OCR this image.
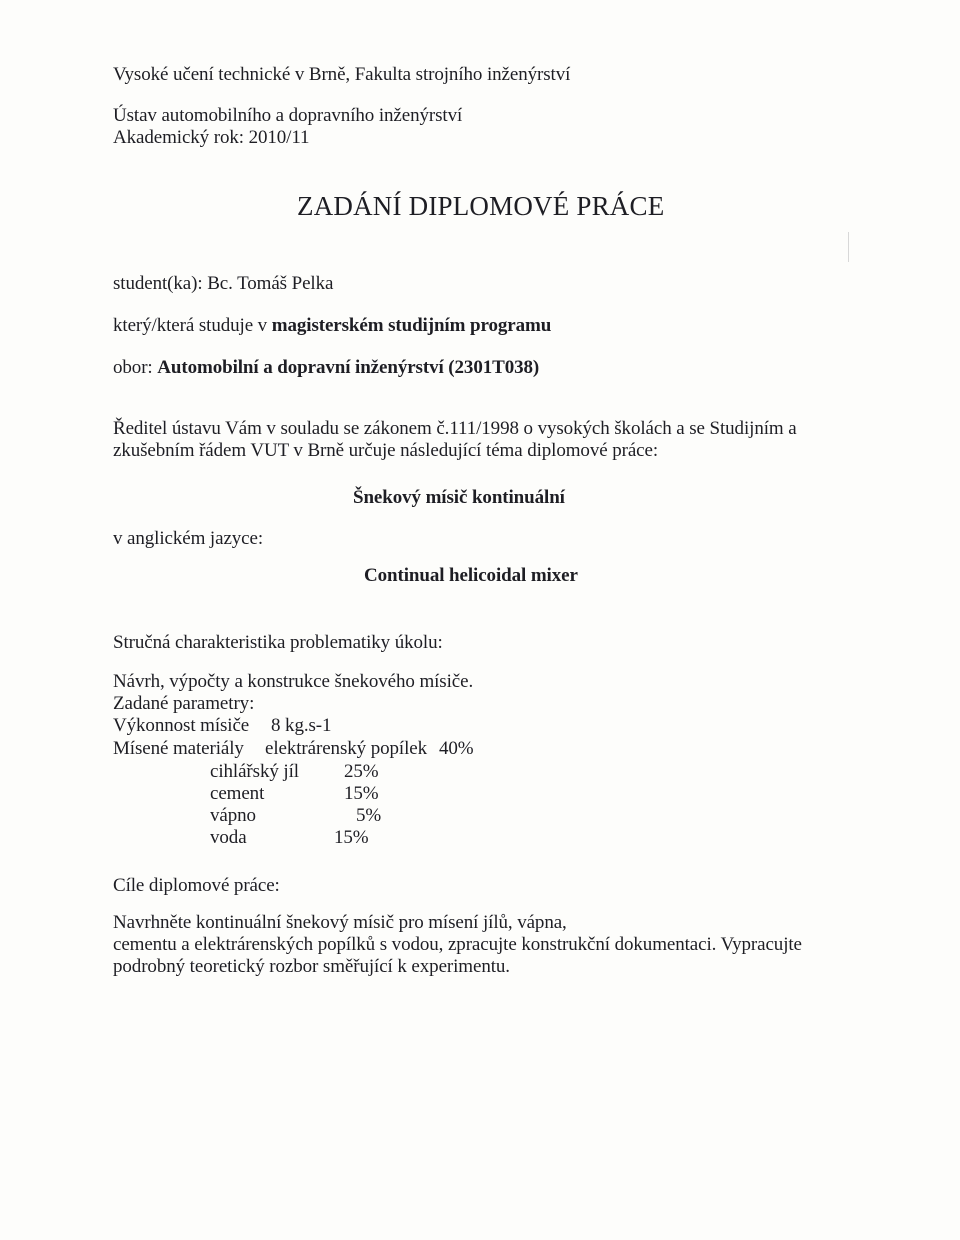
Vysoké učení technické v Brně, Fakulta strojního inženýrství
Ústav automobilního a dopravního inženýrství
Akademický rok: 2010/11
ZADÁNÍ DIPLOMOVÉ PRÁCE
student(ka): Bc. Tomáš Pelka
který/která studuje v magisterském studijním programu
obor: Automobilní a dopravní inženýrství (2301T038)
Ředitel ústavu Vám v souladu se zákonem č.111/1998 o vysokých školách a se Studijním a
zkušebním řádem VUT v Brně určuje následující téma diplomové práce:
Šnekový mísič kontinuální
v anglickém jazyce:
Continual helicoidal mixer
Stručná charakteristika problematiky úkolu:
Návrh, výpočty a konstrukce šnekového mísiče.
Zadané parametry:
Výkonnost mísiče 8 kg.s-1
Mísené materiály elektrárenský popílek 40%
cihlářský jíl 25%
cement	15%
vápno	5%
voda	15%
Cíle diplomové práce:
Navrhněte kontinuální šnekový mísič pro mísení jílů, vápna,
cementu a elektrárenských popílků s vodou, zpracujte konstrukční dokumentaci. Vypracujte
podrobný teoretický rozbor směřující k experimentu.
